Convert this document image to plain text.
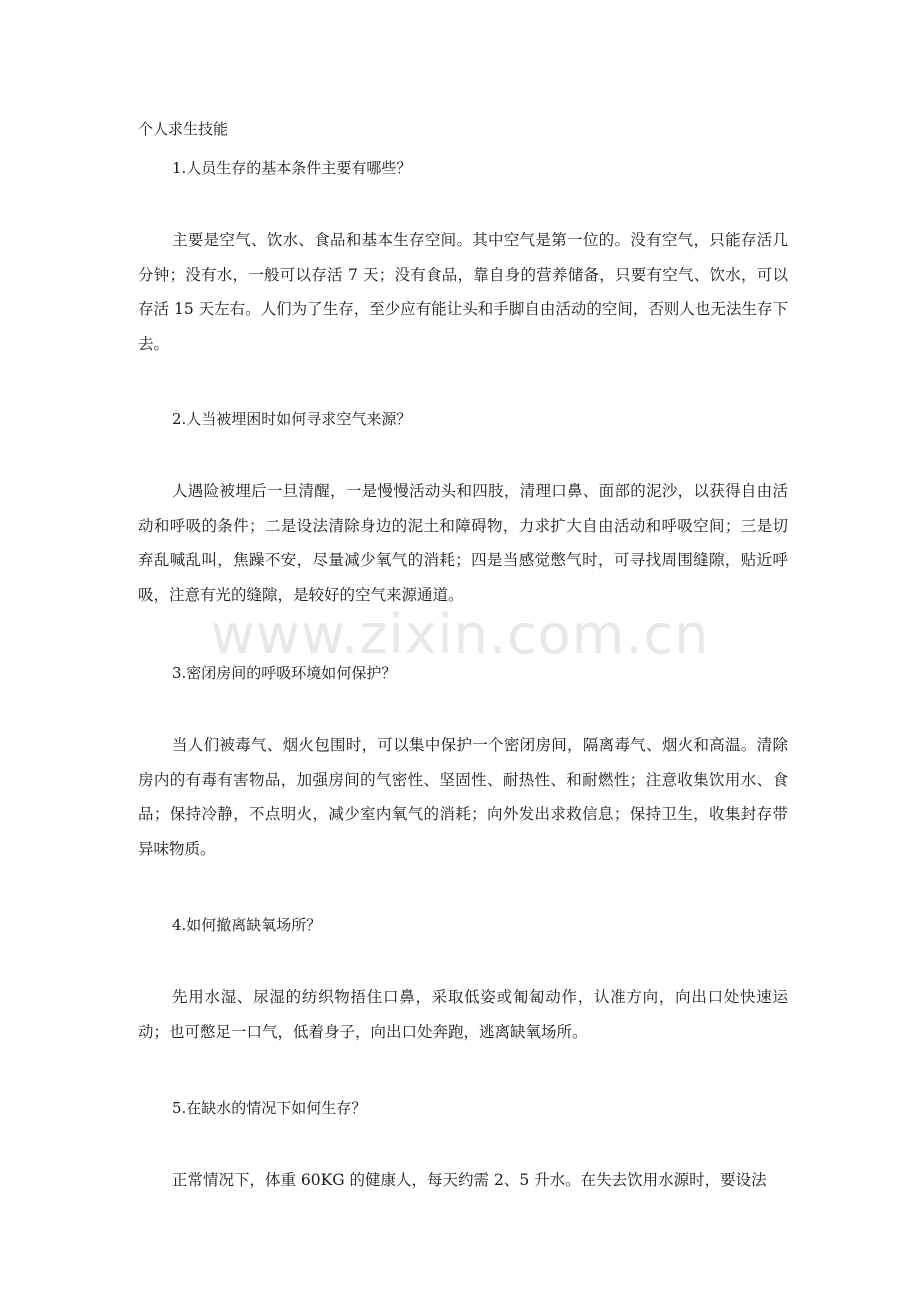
个人求生技能
1.人员生存的基本条件主要有哪些？

主要是空气、饮水、食品和基本生存空间。其中空气是第一位的。没有空气，只能存活几分钟；没有水，一般可以存活 7 天；没有食品，靠自身的营养储备，只要有空气、饮水，可以存活 15 天左右。人们为了生存，至少应有能让头和手脚自由活动的空间，否则人也无法生存下去。

2.人当被埋困时如何寻求空气来源？

人遇险被埋后一旦清醒，一是慢慢活动头和四肢，清理口鼻、面部的泥沙，以获得自由活动和呼吸的条件；二是设法清除身边的泥土和障碍物，力求扩大自由活动和呼吸空间；三是切弃乱喊乱叫，焦躁不安，尽量减少氧气的消耗；四是当感觉憋气时，可寻找周围缝隙，贴近呼吸，注意有光的缝隙，是较好的空气来源通道。

3.密闭房间的呼吸环境如何保护？

当人们被毒气、烟火包围时，可以集中保护一个密闭房间，隔离毒气、烟火和高温。清除房内的有毒有害物品，加强房间的气密性、坚固性、耐热性、和耐燃性；注意收集饮用水、食品；保持冷静，不点明火，减少室内氧气的消耗；向外发出求救信息；保持卫生，收集封存带异味物质。

4.如何撤离缺氧场所？

先用水湿、尿湿的纺织物捂住口鼻，采取低姿或匍匐动作，认准方向，向出口处快速运动；也可憋足一口气，低着身子，向出口处奔跑，逃离缺氧场所。

5.在缺水的情况下如何生存？

正常情况下，体重 60KG 的健康人，每天约需 2、5 升水。在失去饮用水源时，要设法

www.zixin.com.cn
